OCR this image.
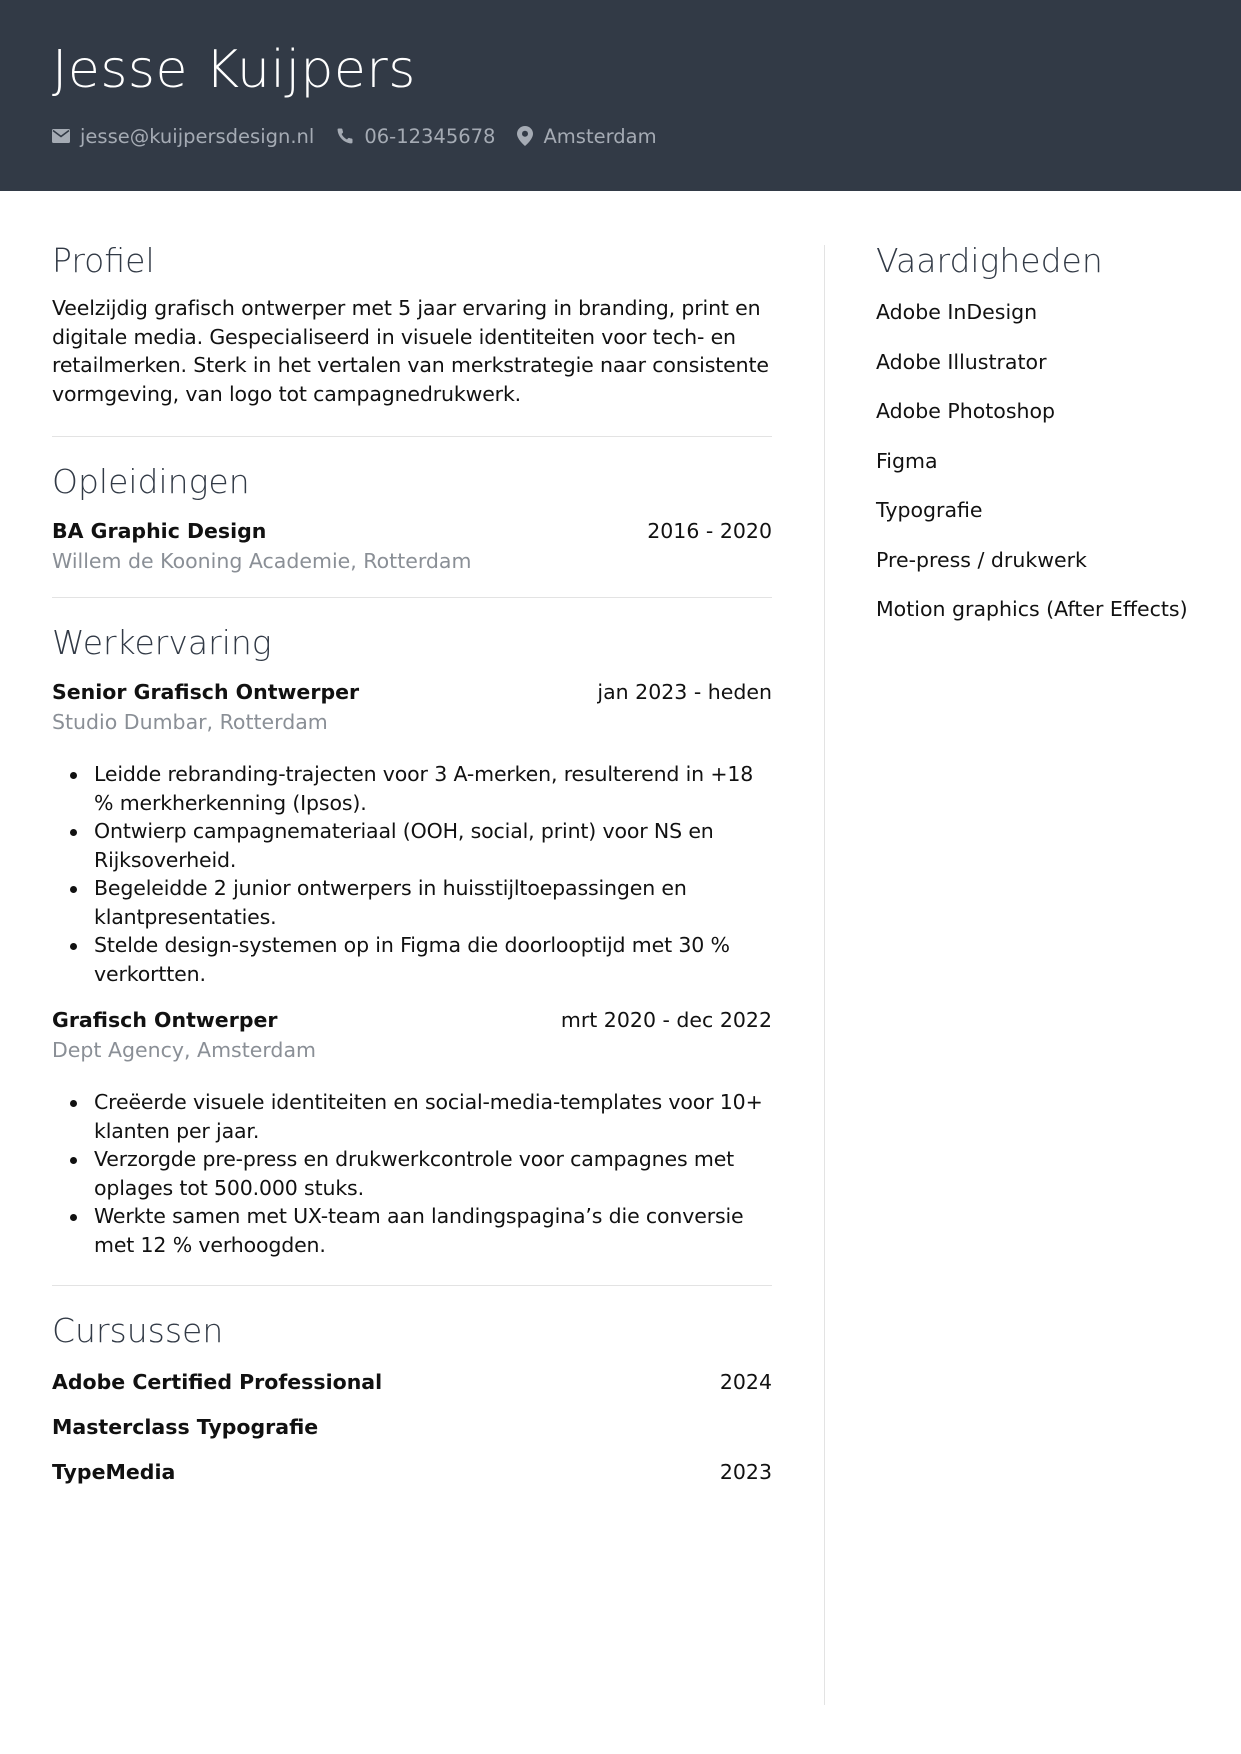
Jesse Kuijpers
jesse@kuijpersdesign.nl	06-12345678 Amsterdam
Profiel

Veelzijdig grafisch ontwerper met 5 jaar ervaring in branding, print en digitale media. Gespecialiseerd in visuele identiteiten voor tech- en retailmerken. Sterk in het vertalen van merkstrategie naar consistente vormgeving, van logo tot campagnedrukwerk.

Opleidingen
BA Graphic Design	2016 - 2020
Willem de Kooning Academie, Rotterdam
Werkervaring
Senior Grafisch Ontwerper	jan 2023 - heden
Studio Dumbar, Rotterdam
Leidde rebranding-trajecten voor 3 A-merken, resulterend in +18 % merkherkenning (Ipsos).
Ontwierp campagnemateriaal (OOH, social, print) voor NS en Rijksoverheid.
Begeleidde 2 junior ontwerpers in huisstijltoepassingen en klantpresentaties.
Stelde design-systemen op in Figma die doorlooptijd met 30 % verkortten.
Grafisch Ontwerper	mrt 2020 - dec 2022
Dept Agency, Amsterdam
Creëerde visuele identiteiten en social-media-templates voor 10+ klanten per jaar.
Verzorgde pre-press en drukwerkcontrole voor campagnes met oplages tot 500.000 stuks.
Werkte samen met UX-team aan landingspagina’s die conversie met 12 % verhoogden.
Cursussen
Adobe Certified Professional	2024
Masterclass Typografie
TypeMedia	2023
Vaardigheden
Adobe InDesign
Adobe Illustrator
Adobe Photoshop
Figma
Typografie
Pre-press / drukwerk
Motion graphics (After Effects)
